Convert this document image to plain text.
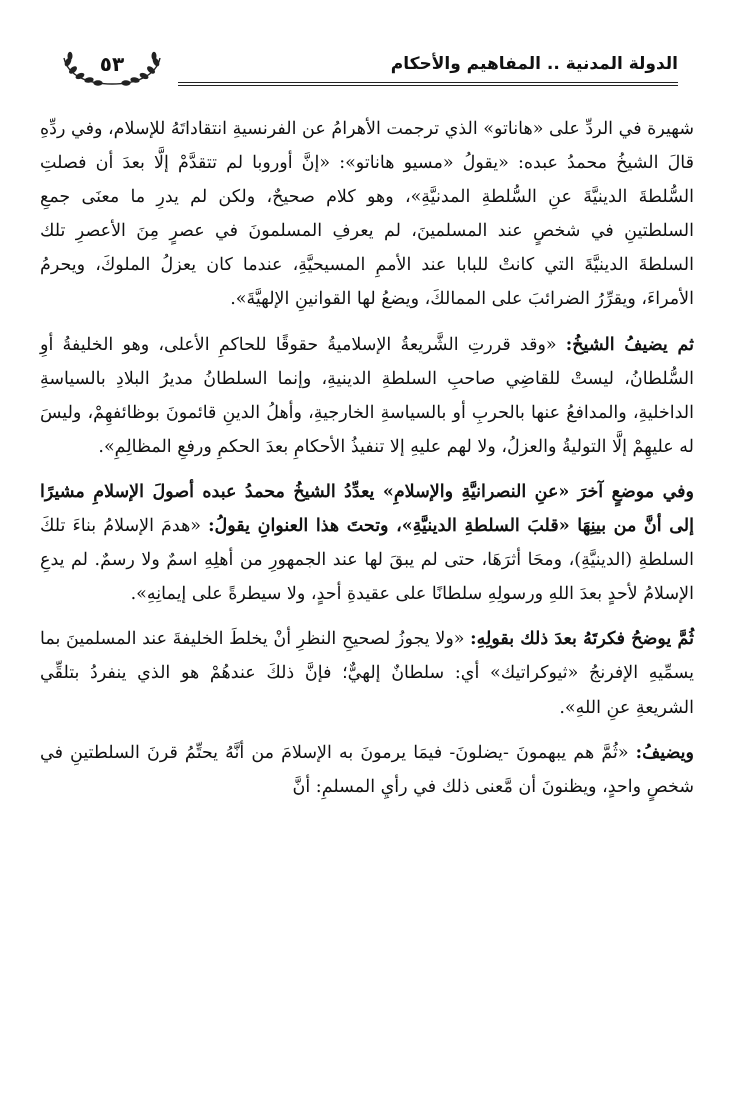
٥٣	الدولة المدنية .. المفاهيم والأحكام

شهيرة في الردِّ على «هاناتو» الذي ترجمت الأهرامُ عن الفرنسيةِ انتقاداتَهُ للإسلام، وفي ردِّهِ قالَ الشيخُ محمدُ عبده: «يقولُ «مسيو هاناتو»: «إنَّ أوروبا لم تتقدَّمْ إلَّا بعدَ أن فصلتِ السُّلطةَ الدينيَّةَ عنِ السُّلطةِ المدنيَّةِ»، وهو كلام صحيحٌ، ولكن لم يدرِ ما معنَى جمعِ السلطتينِ في شخصٍ عند المسلمينَ، لم يعرفِ المسلمونَ في عصرٍ مِنَ الأعصرِ تلك السلطةَ الدينيَّةَ التي كانتْ للبابا عند الأممِ المسيحيَّةِ، عندما كان يعزلُ الملوكَ، ويحرمُ الأمراءَ، ويقرِّرُ الضرائبَ على الممالكَ، ويضعُ لها القوانينِ الإلهيَّةَ».

ثم يضيفُ الشيخُ: «وقد قررتِ الشَّريعةُ الإسلاميةُ حقوقًا للحاكمِ الأعلى، وهو الخليفةُ أوِ السُّلطانُ، ليستْ للقاضِي صاحبِ السلطةِ الدينيةِ، وإنما السلطانُ مديرُ البلادِ بالسياسةِ الداخليةِ، والمدافعُ عنها بالحربِ أو بالسياسةِ الخارجيةِ، وأهلُ الدينِ قائمونَ بوظائفهِمْ، وليسَ له عليهِمْ إلَّا التوليةُ والعزلُ، ولا لهم عليهِ إلا تنفيذُ الأحكامِ بعدَ الحكمِ ورفعِ المظالِمِ».

وفي موضعٍ آخرَ «عنِ النصرانيَّةِ والإسلامِ» يعدِّدُ الشيخُ محمدُ عبده أصولَ الإسلامِ مشيرًا إلى أنَّ من بينِهَا «قلبَ السلطةِ الدينيَّةِ»، وتحتَ هذا العنوانِ يقولُ: «هدمَ الإسلامُ بناءَ تلكَ السلطةِ (الدينيَّةِ)، ومحَا أثرَهَا، حتى لم يبقَ لها عند الجمهورِ من أهلِهِ اسمٌ ولا رسمٌ. لم يدعِ الإسلامُ لأحدٍ بعدَ اللهِ ورسولِهِ سلطانًا على عقيدةِ أحدٍ، ولا سيطرةً على إيمانِهِ».

ثُمَّ يوضحُ فكرتَهُ بعدَ ذلك بقولِهِ: «ولا يجوزُ لصحيحِ النظرِ أنْ يخلطَ الخليفةَ عند المسلمينَ بما يسمِّيهِ الإفرنجُ «ثيوكراتيك» أي: سلطانٌ إلهيٌّ؛ فإنَّ ذلكَ عندهُمْ هو الذي ينفردُ بتلقِّي الشريعةِ عنِ اللهِ».

ويضيفُ: «ثُمَّ هم يبهمونَ -يضلونَ- فيمَا يرمونَ به الإسلامَ من أنَّهُ يحتِّمُ قرنَ السلطتينِ في شخصٍ واحدٍ، ويظنونَ أن مَّعنى ذلك في رأيِ المسلمِ: أنَّ
